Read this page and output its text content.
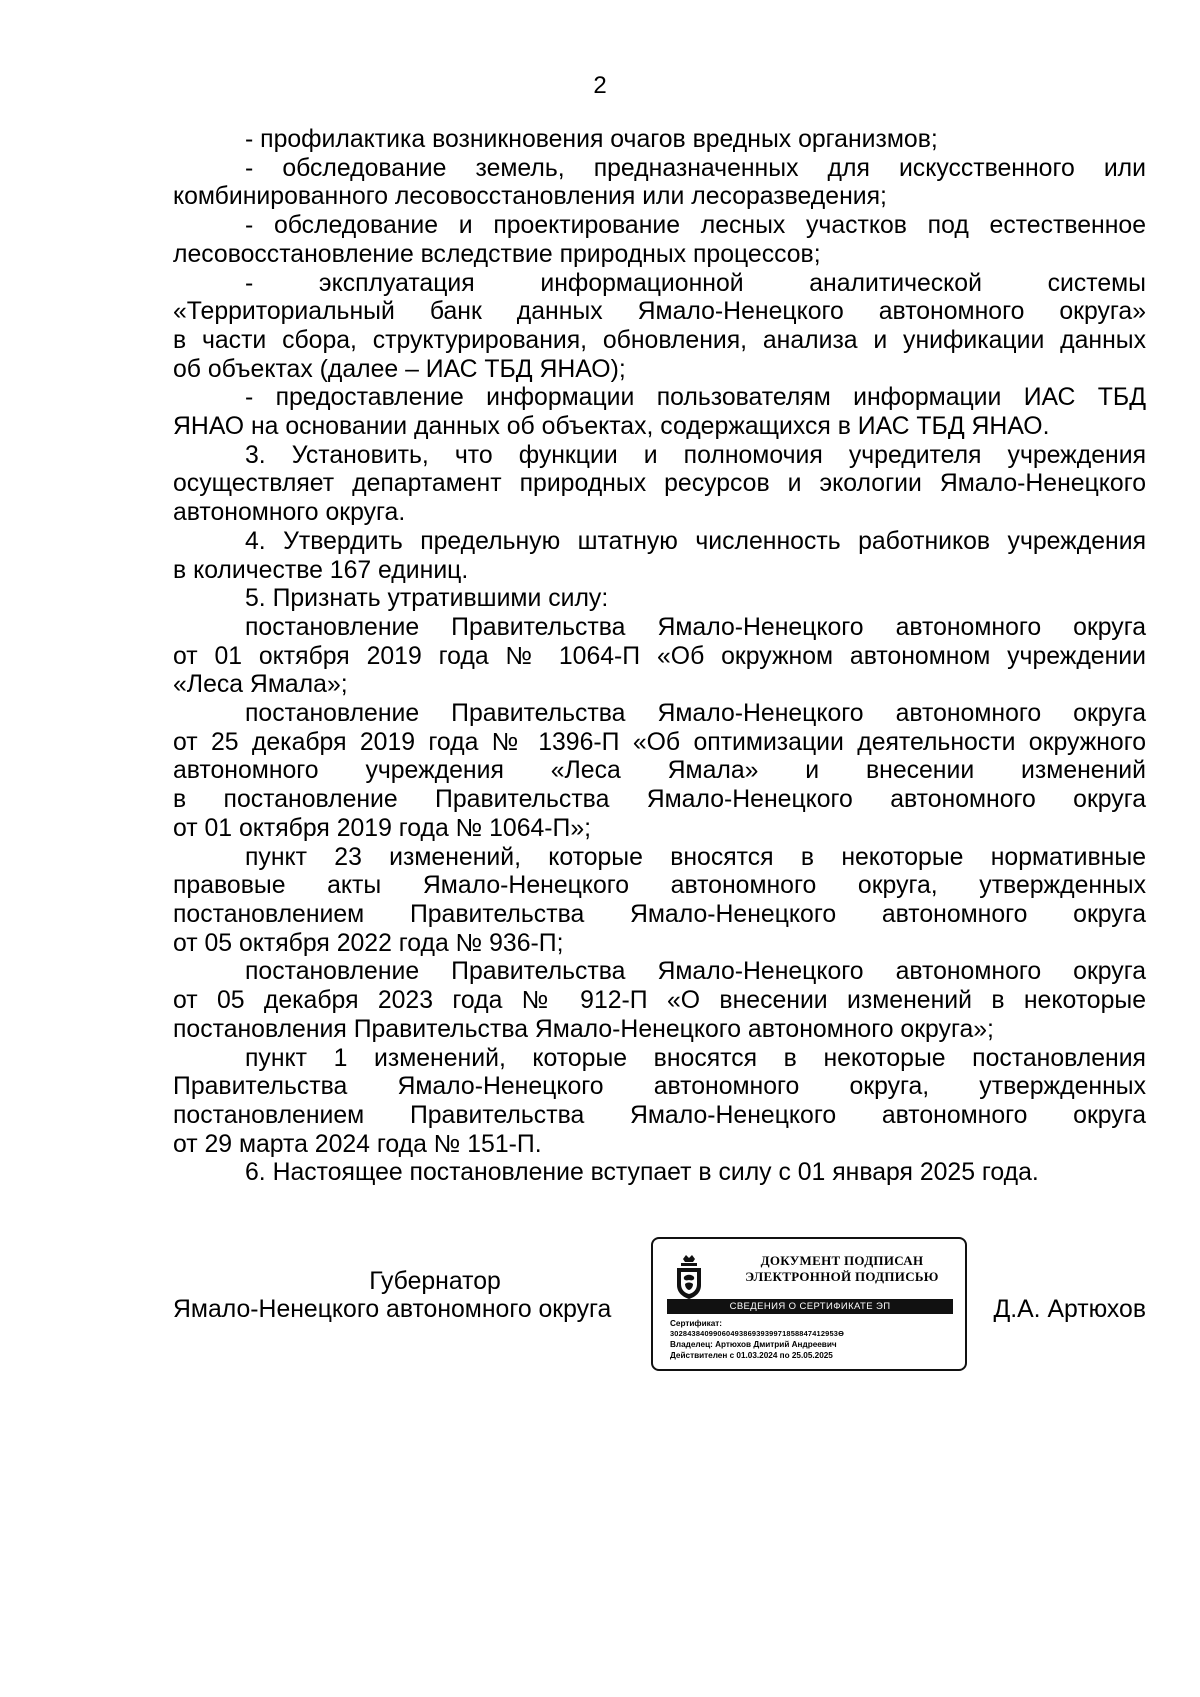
2

- профилактика возникновения очагов вредных организмов;

- обследование земель, предназначенных для искусственного или

комбинированного лесовосстановления или лесоразведения;

- обследование и проектирование лесных участков под естественное

лесовосстановление вследствие природных процессов;

- эксплуатация информационной аналитической системы

«Территориальный банк данных Ямало-Ненецкого автономного округа»

в части сбора, структурирования, обновления, анализа и унификации данных

об объектах (далее – ИАС ТБД ЯНАО);

- предоставление информации пользователям информации ИАС ТБД

ЯНАО на основании данных об объектах, содержащихся в ИАС ТБД ЯНАО.

3. Установить, что функции и полномочия учредителя учреждения

осуществляет департамент природных ресурсов и экологии Ямало-Ненецкого

автономного округа.

4. Утвердить предельную штатную численность работников учреждения

в количестве 167 единиц.

5. Признать утратившими силу:

постановление Правительства Ямало-Ненецкого автономного округа

от 01 октября 2019 года № 1064-П «Об окружном автономном учреждении

«Леса Ямала»;

постановление Правительства Ямало-Ненецкого автономного округа

от 25 декабря 2019 года № 1396-П «Об оптимизации деятельности окружного

автономного учреждения «Леса Ямала» и внесении изменений

в постановление Правительства Ямало-Ненецкого автономного округа

от 01 октября 2019 года № 1064-П»;

пункт 23 изменений, которые вносятся в некоторые нормативные

правовые акты Ямало-Ненецкого автономного округа, утвержденных

постановлением Правительства Ямало-Ненецкого автономного округа

от 05 октября 2022 года № 936-П;

постановление Правительства Ямало-Ненецкого автономного округа

от 05 декабря 2023 года № 912-П «О внесении изменений в некоторые

постановления Правительства Ямало-Ненецкого автономного округа»;

пункт 1 изменений, которые вносятся в некоторые постановления

Правительства Ямало-Ненецкого автономного округа, утвержденных

постановлением Правительства Ямало-Ненецкого автономного округа

от 29 марта 2024 года № 151-П.

6. Настоящее постановление вступает в силу с 01 января 2025 года.

Губернатор
Ямало-Ненецкого автономного округа	Д.А. Артюхов
ДОКУМЕНТ ПОДПИСАН
ЭЛЕКТРОННОЙ ПОДПИСЬЮ
СВЕДЕНИЯ О СЕРТИФИКАТЕ ЭП
Сертификат:
302843840990604938693939971858847412953Ө
Владелец: Артюхов Дмитрий Андреевич
Действителен с 01.03.2024 по 25.05.2025
